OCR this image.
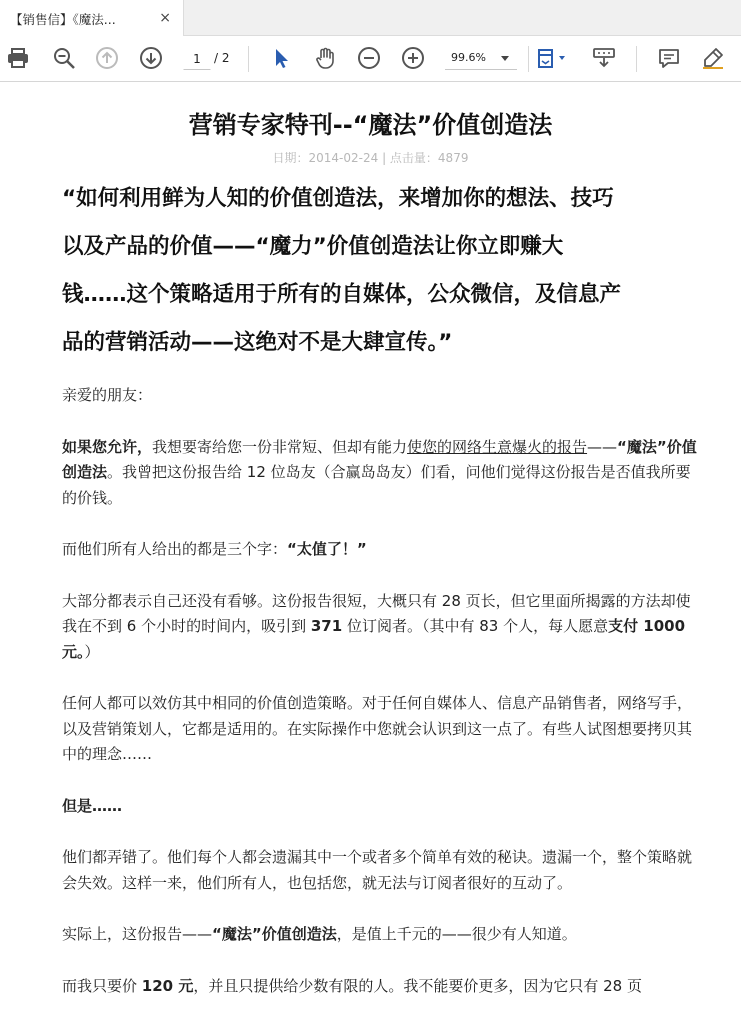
【销售信】《魔法...	×
1	/ 2	99.6%
营销专家特刊--“魔法”价值创造法
日期：2014-02-24 | 点击量：4879

“如何利用鲜为人知的价值创造法，来增加你的想法、技巧

以及产品的价值——“魔力”价值创造法让你立即赚大

钱……这个策略适用于所有的自媒体，公众微信，及信息产

品的营销活动——这绝对不是大肆宣传。”

亲爱的朋友：

如果您允许，我想要寄给您一份非常短、但却有能力使您的网络生意爆火的报告——“魔法”价值创造法。我曾把这份报告给 12 位岛友（合赢岛岛友）们看，问他们觉得这份报告是否值我所要的价钱。

而他们所有人给出的都是三个字：“太值了！”

大部分都表示自己还没有看够。这份报告很短，大概只有 28 页长，但它里面所揭露的方法却使我在不到 6 个小时的时间内，吸引到 371 位订阅者。（其中有 83 个人，每人愿意支付 1000 元。）

任何人都可以效仿其中相同的价值创造策略。对于任何自媒体人、信息产品销售者，网络写手，以及营销策划人，它都是适用的。在实际操作中您就会认识到这一点了。有些人试图想要拷贝其中的理念……

但是……

他们都弄错了。他们每个人都会遗漏其中一个或者多个简单有效的秘诀。遗漏一个，整个策略就会失效。这样一来，他们所有人，也包括您，就无法与订阅者很好的互动了。

实际上，这份报告——“魔法”价值创造法，是值上千元的——很少有人知道。

而我只要价 120 元，并且只提供给少数有限的人。我不能要价更多，因为它只有 28 页
